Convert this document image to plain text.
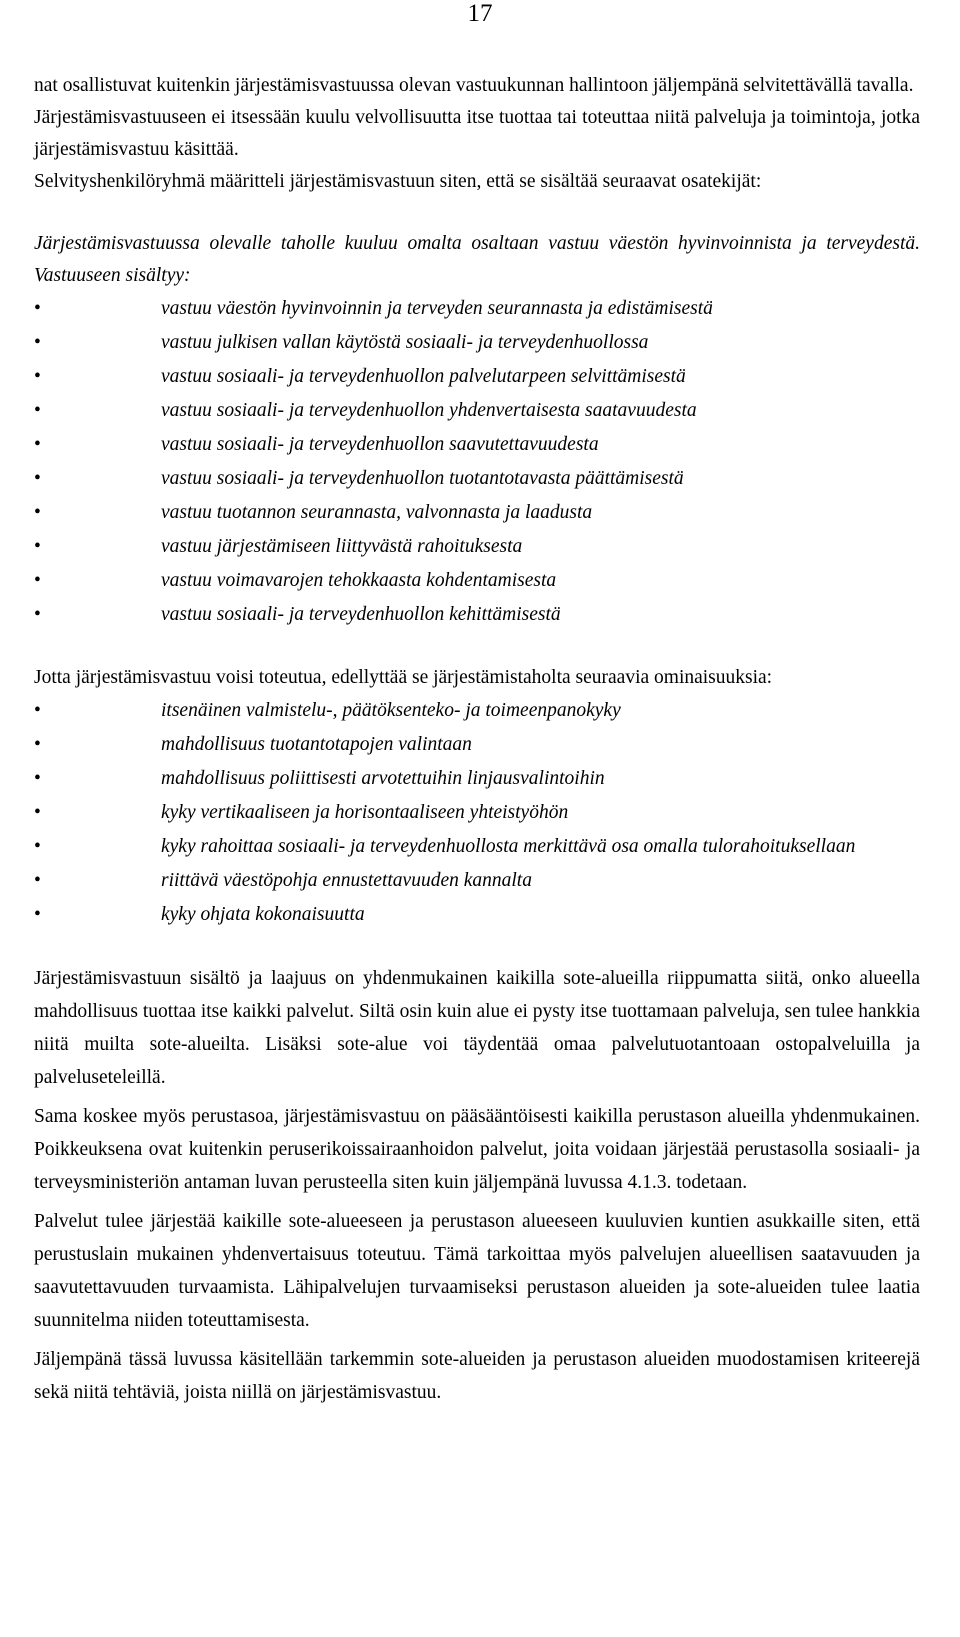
17

nat osallistuvat kuitenkin järjestämisvastuussa olevan vastuukunnan hallintoon jäljempänä selvitettävällä tavalla.

Järjestämisvastuuseen ei itsessään kuulu velvollisuutta itse tuottaa tai toteuttaa niitä palveluja ja toimintoja, jotka järjestämisvastuu käsittää.

Selvityshenkilöryhmä määritteli järjestämisvastuun siten, että se sisältää seuraavat osatekijät:

Järjestämisvastuussa olevalle taholle kuuluu omalta osaltaan vastuu väestön hyvinvoinnista ja terveydestä. Vastuuseen sisältyy:

•	vastuu väestön hyvinvoinnin ja terveyden seurannasta ja edistämisestä
•	vastuu julkisen vallan käytöstä sosiaali- ja terveydenhuollossa
•	vastuu sosiaali- ja terveydenhuollon palvelutarpeen selvittämisestä
•	vastuu sosiaali- ja terveydenhuollon yhdenvertaisesta saatavuudesta
•	vastuu sosiaali- ja terveydenhuollon saavutettavuudesta
•	vastuu sosiaali- ja terveydenhuollon tuotantotavasta päättämisestä
•	vastuu tuotannon seurannasta, valvonnasta ja laadusta
•	vastuu järjestämiseen liittyvästä rahoituksesta
•	vastuu voimavarojen tehokkaasta kohdentamisesta
•	vastuu sosiaali- ja terveydenhuollon kehittämisestä

Jotta järjestämisvastuu voisi toteutua, edellyttää se järjestämistaholta seuraavia ominaisuuksia:

•	itsenäinen valmistelu-, päätöksenteko- ja toimeenpanokyky
•	mahdollisuus tuotantotapojen valintaan
•	mahdollisuus poliittisesti arvotettuihin linjausvalintoihin
•	kyky vertikaaliseen ja horisontaaliseen yhteistyöhön
•	kyky rahoittaa sosiaali- ja terveydenhuollosta merkittävä osa omalla tulorahoituksellaan
•	riittävä väestöpohja ennustettavuuden kannalta
•	kyky ohjata kokonaisuutta

Järjestämisvastuun sisältö ja laajuus on yhdenmukainen kaikilla sote-alueilla riippumatta siitä, onko alueella mahdollisuus tuottaa itse kaikki palvelut. Siltä osin kuin alue ei pysty itse tuottamaan palveluja, sen tulee hankkia niitä muilta sote-alueilta. Lisäksi sote-alue voi täydentää omaa palvelutuotantoaan ostopalveluilla ja palveluseteleillä.

Sama koskee myös perustasoa, järjestämisvastuu on pääsääntöisesti kaikilla perustason alueilla yhdenmukainen. Poikkeuksena ovat kuitenkin peruserikoissairaanhoidon palvelut, joita voidaan järjestää perustasolla sosiaali- ja terveysministeriön antaman luvan perusteella siten kuin jäljempänä luvussa 4.1.3. todetaan.

Palvelut tulee järjestää kaikille sote-alueeseen ja perustason alueeseen kuuluvien kuntien asukkaille siten, että perustuslain mukainen yhdenvertaisuus toteutuu. Tämä tarkoittaa myös palvelujen alueellisen saatavuuden ja saavutettavuuden turvaamista. Lähipalvelujen turvaamiseksi perustason alueiden ja sote-alueiden tulee laatia suunnitelma niiden toteuttamisesta.

Jäljempänä tässä luvussa käsitellään tarkemmin sote-alueiden ja perustason alueiden muodostamisen kriteerejä sekä niitä tehtäviä, joista niillä on järjestämisvastuu.
